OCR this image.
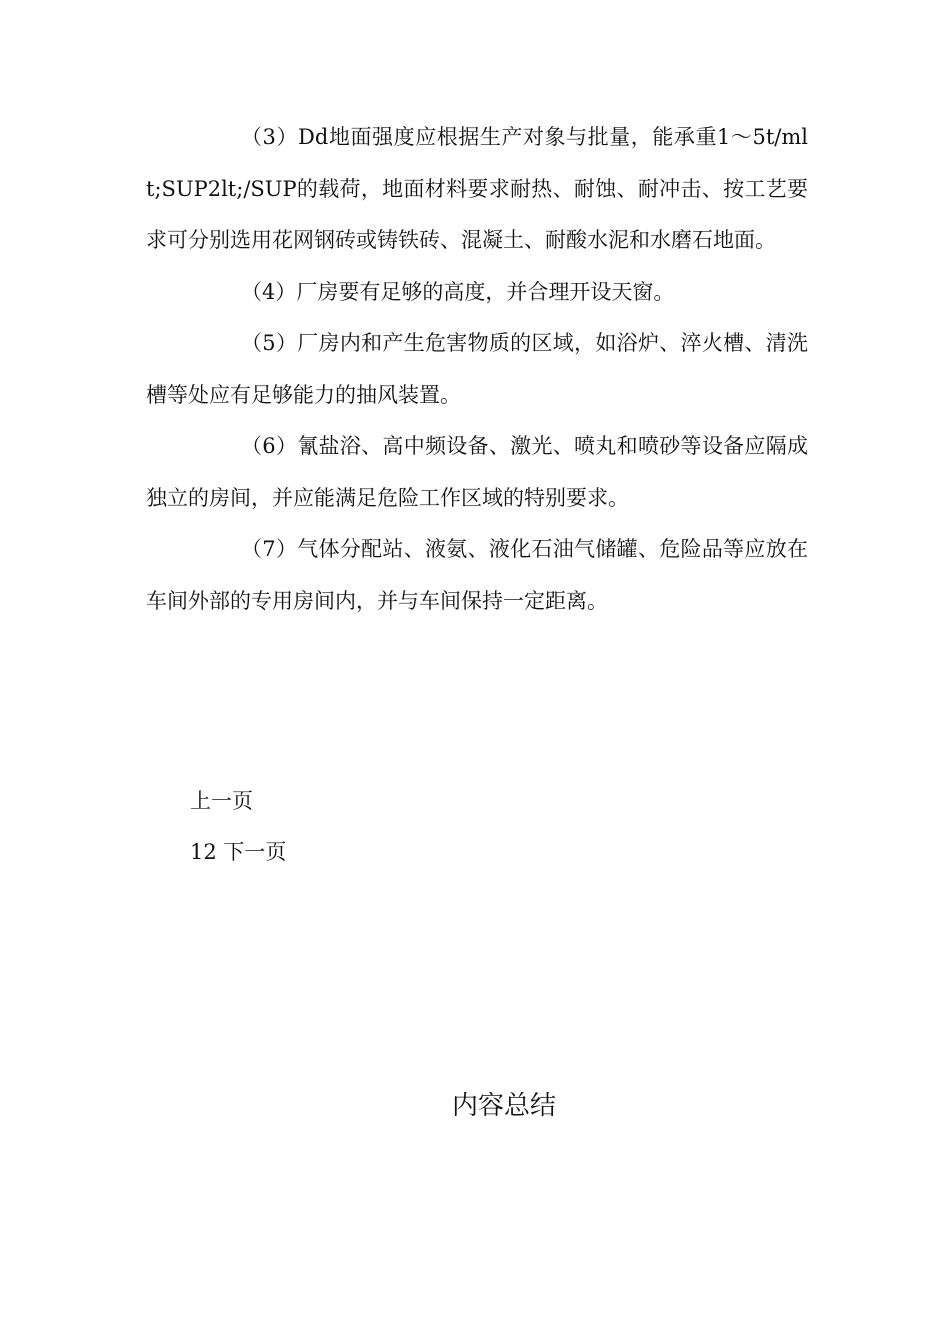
（3）Dd地面强度应根据生产对象与批量，能承重1～5t/mlt;SUP2lt;/SUP的载荷，地面材料要求耐热、耐蚀、耐冲击、按工艺要求可分别选用花网钢砖或铸铁砖、混凝土、耐酸水泥和水磨石地面。

（4）厂房要有足够的高度，并合理开设天窗。

（5）厂房内和产生危害物质的区域，如浴炉、淬火槽、清洗槽等处应有足够能力的抽风装置。

（6）氰盐浴、高中频设备、激光、喷丸和喷砂等设备应隔成独立的房间，并应能满足危险工作区域的特别要求。

（7）气体分配站、液氨、液化石油气储罐、危险品等应放在车间外部的专用房间内，并与车间保持一定距离。

上一页
12 下一页
内容总结
